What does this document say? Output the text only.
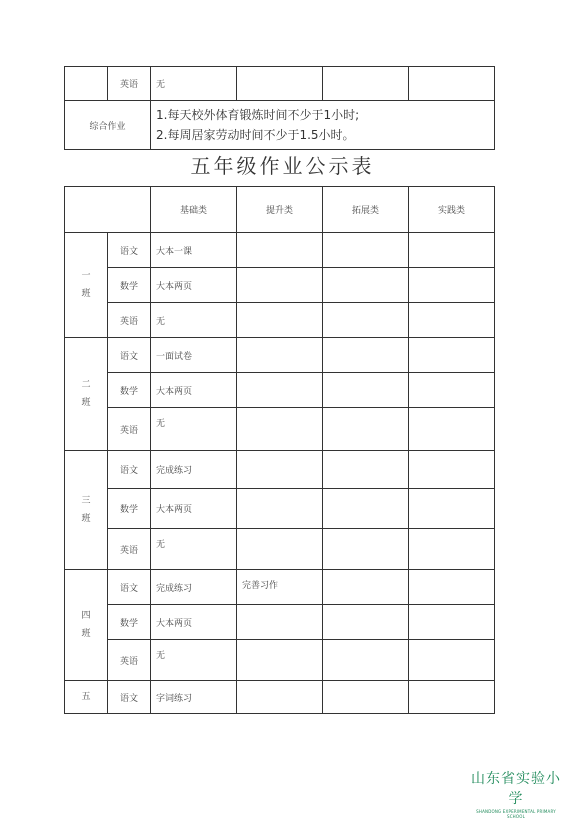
	英语	无			
综合作业		1.每天校外体育锻炼时间不少于1小时;
2.每周居家劳动时间不少于1.5小时。			
五年级作业公示表
		基础类	提升类	拓展类	实践类

一
班	语文	大本一课			
	数学	大本两页			
	英语	无			

二
班	语文	一面试卷			
	数学	大本两页			
	英语	无			

三
班	语文	完成练习			
	数学	大本两页			
	英语	无			

四
班	语文	完成练习	完善习作		
	数学	大本两页			
	英语	无			

五	语文	字词练习			
山东省实验小学
SHANDONG EXPERIMENTAL PRIMARY SCHOOL
